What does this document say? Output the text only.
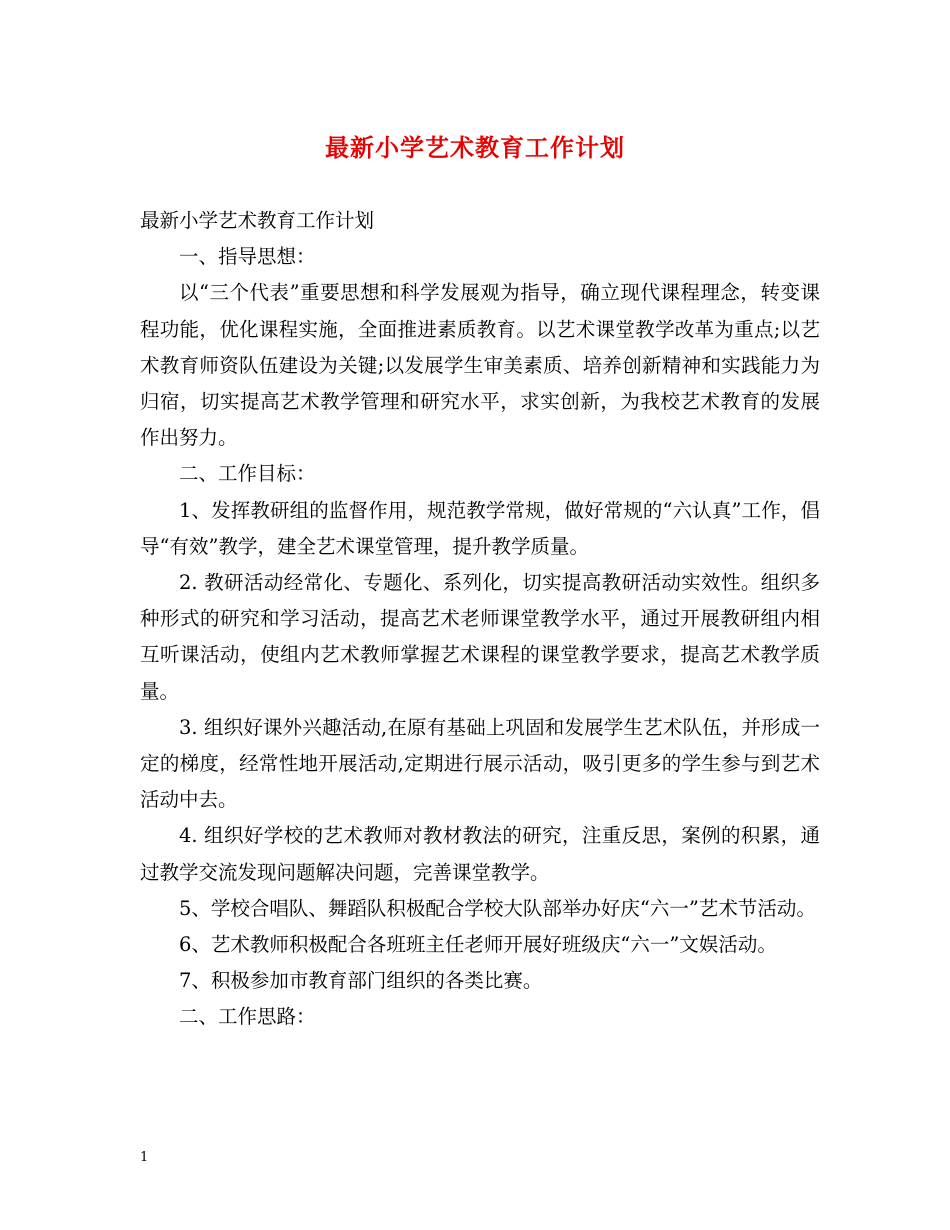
最新小学艺术教育工作计划

最新小学艺术教育工作计划

一、指导思想：

以“三个代表”重要思想和科学发展观为指导，确立现代课程理念，转变课程功能，优化课程实施，全面推进素质教育。以艺术课堂教学改革为重点;以艺术教育师资队伍建设为关键;以发展学生审美素质、培养创新精神和实践能力为归宿，切实提高艺术教学管理和研究水平，求实创新，为我校艺术教育的发展作出努力。

二、工作目标：

1、发挥教研组的监督作用，规范教学常规，做好常规的“六认真”工作，倡导“有效”教学，建全艺术课堂管理，提升教学质量。

2. 教研活动经常化、专题化、系列化，切实提高教研活动实效性。组织多种形式的研究和学习活动，提高艺术老师课堂教学水平，通过开展教研组内相互听课活动，使组内艺术教师掌握艺术课程的课堂教学要求，提高艺术教学质量。

3. 组织好课外兴趣活动,在原有基础上巩固和发展学生艺术队伍，并形成一定的梯度，经常性地开展活动,定期进行展示活动，吸引更多的学生参与到艺术活动中去。

4. 组织好学校的艺术教师对教材教法的研究，注重反思，案例的积累，通过教学交流发现问题解决问题，完善课堂教学。

5、学校合唱队、舞蹈队积极配合学校大队部举办好庆“六一”艺术节活动。

6、艺术教师积极配合各班班主任老师开展好班级庆“六一”文娱活动。

7、积极参加市教育部门组织的各类比赛。

二、工作思路：

1
